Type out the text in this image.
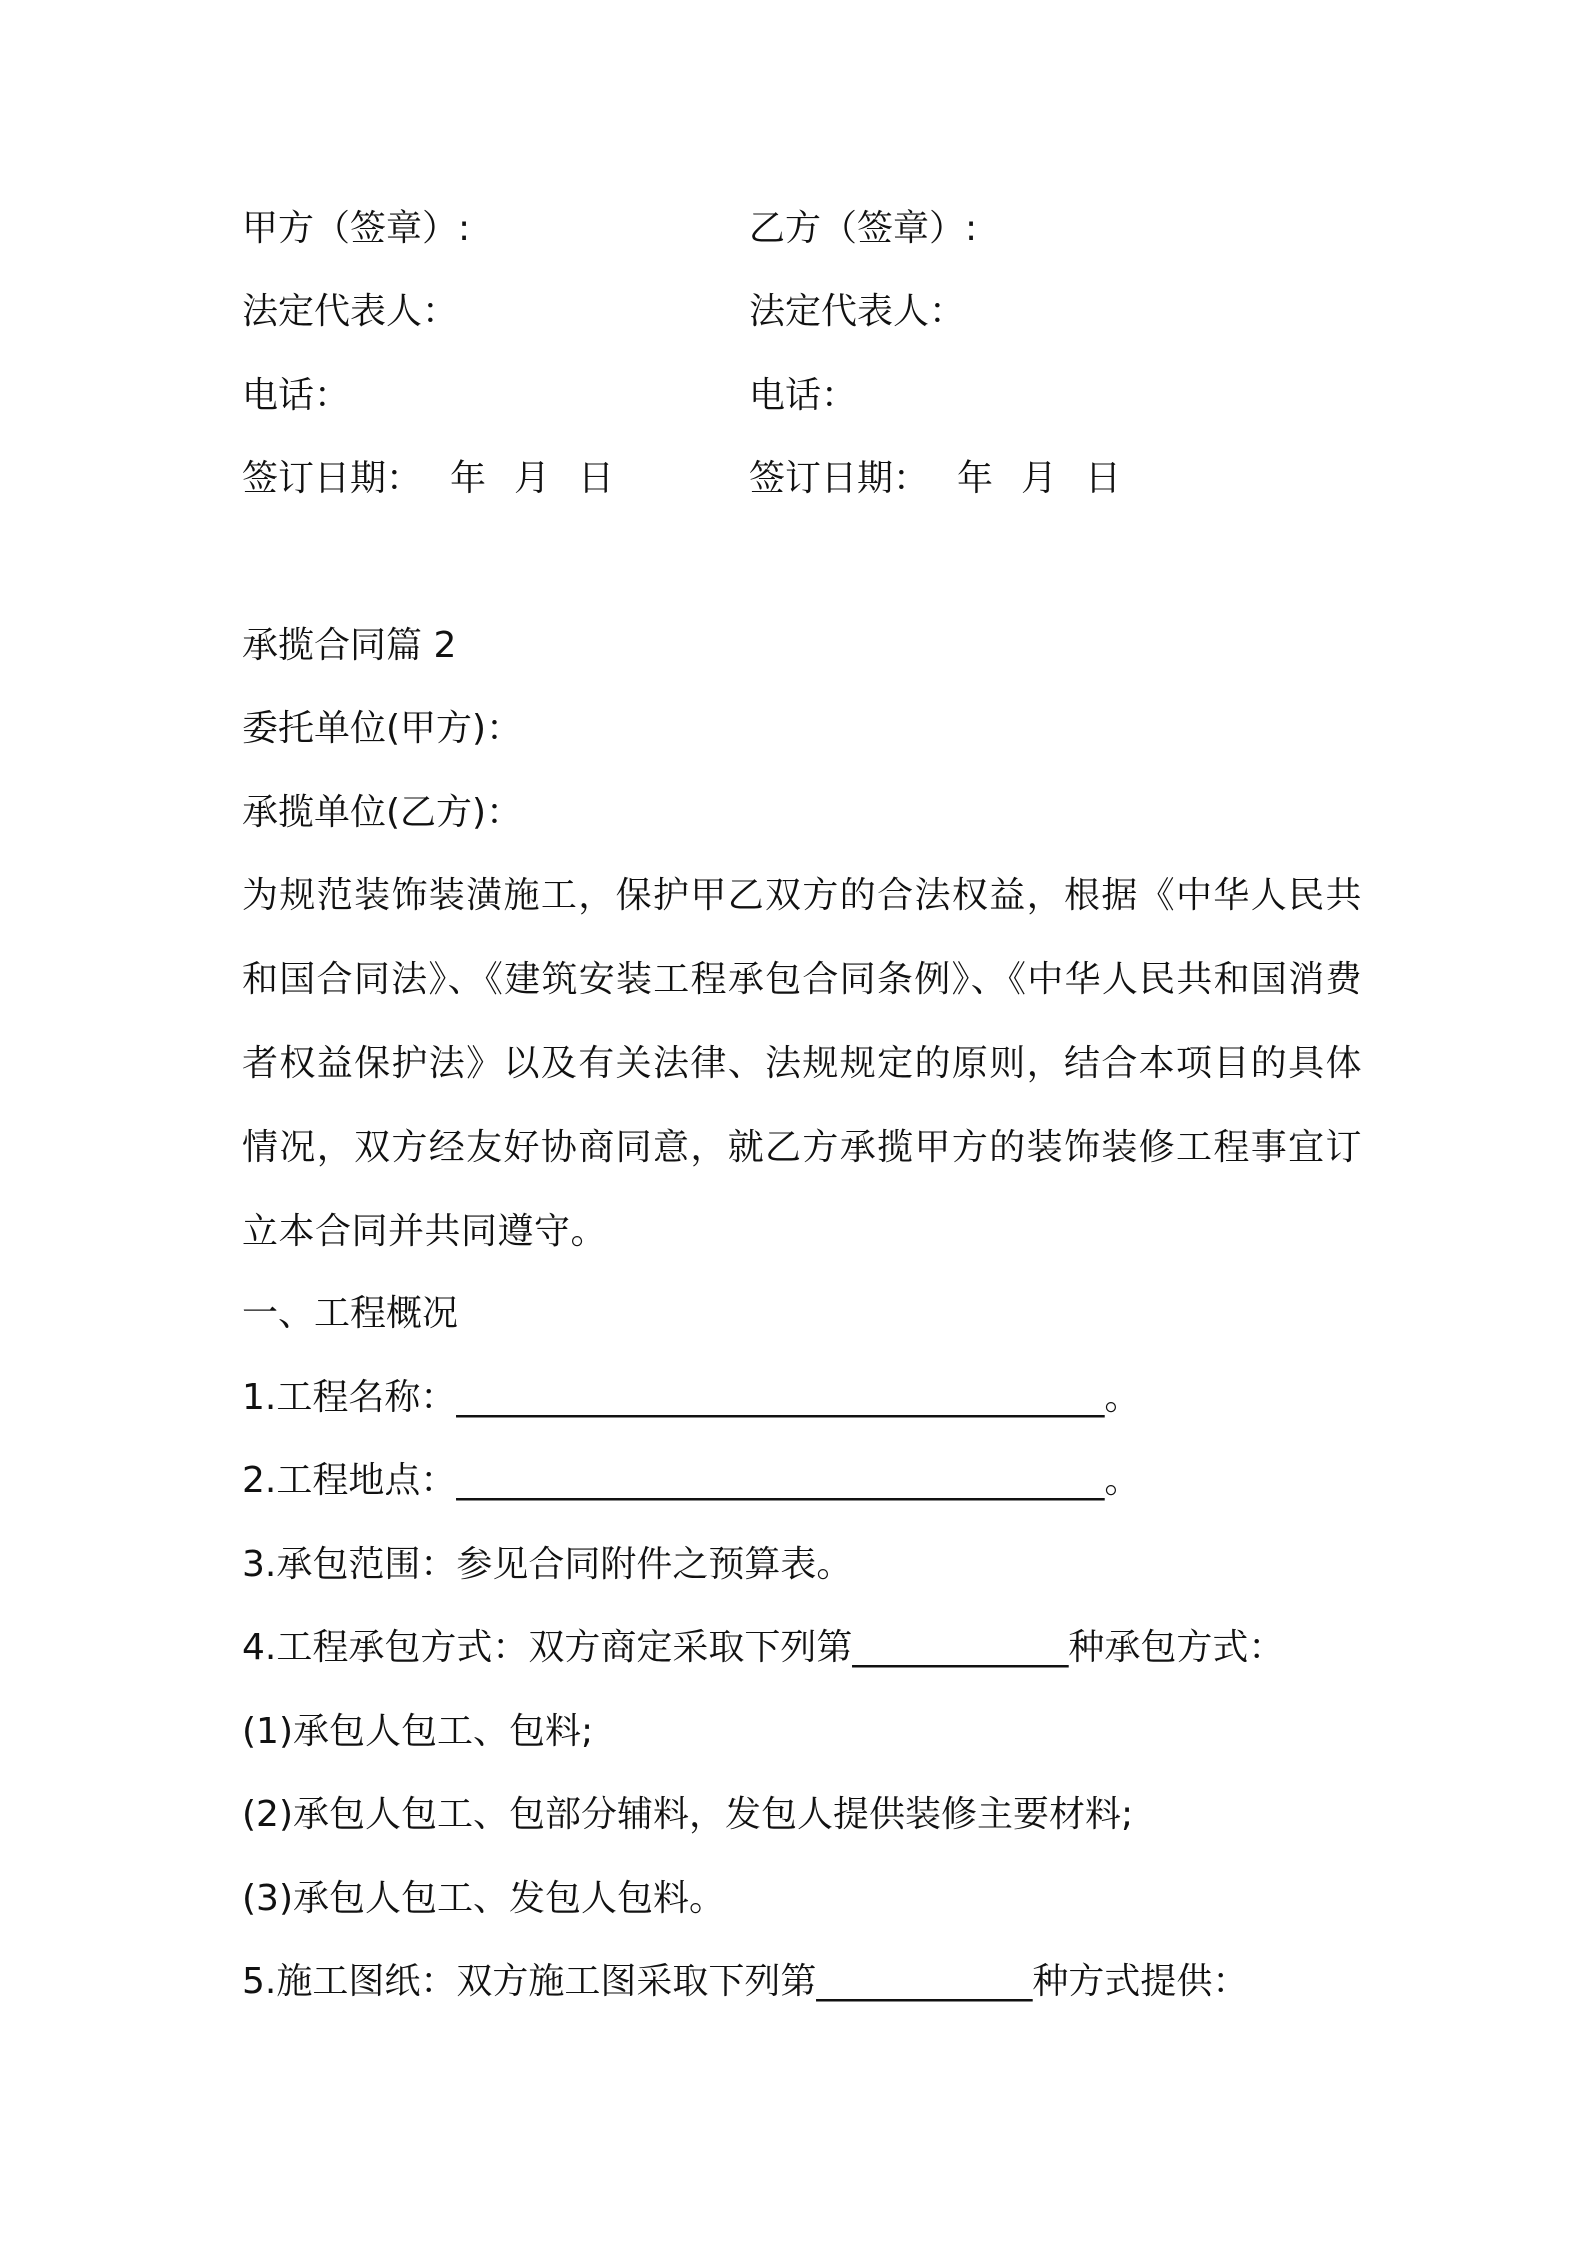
甲方（签章）:
法定代表人：
电话：
签订日期： 年 月 日
乙方（签章）:
法定代表人：
电话：
签订日期： 年 月 日
承揽合同篇 2
委托单位(甲方)：
承揽单位(乙方)：
为规范装饰装潢施工，保护甲乙双方的合法权益，根据《中华人民共和国合同法》、《建筑安装工程承包合同条例》、《中华人民共和国消费者权益保护法》以及有关法律、法规规定的原则，结合本项目的具体情况，双方经友好协商同意，就乙方承揽甲方的装饰装修工程事宜订立本合同并共同遵守。
一、工程概况
1.工程名称：____________________________________。
2.工程地点：____________________________________。
3.承包范围：参见合同附件之预算表。
4.工程承包方式：双方商定采取下列第____________种承包方式：
(1)承包人包工、包料;
(2)承包人包工、包部分辅料，发包人提供装修主要材料;
(3)承包人包工、发包人包料。
5.施工图纸：双方施工图采取下列第____________种方式提供：
